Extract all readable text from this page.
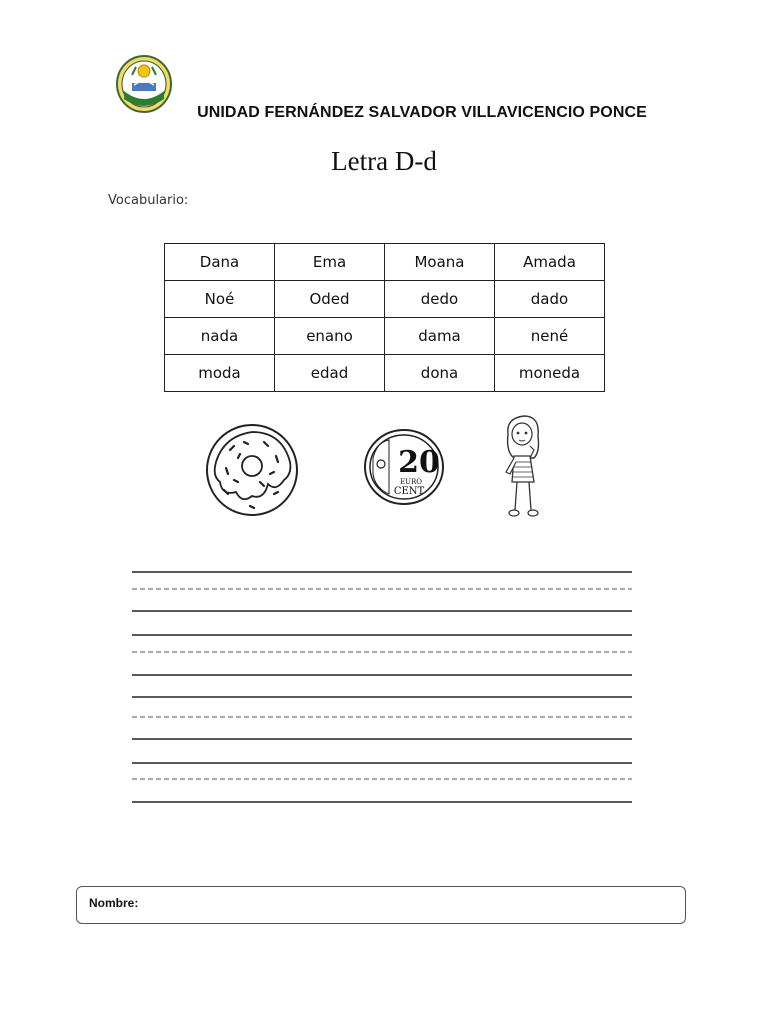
UNIDAD FERNÁNDEZ SALVADOR VILLAVICENCIO PONCE
Letra D-d
Vocabulario:
Dana	Ema	Moana	Amada
Noé	Oded	dedo	dado
nada	enano	dama	nené
moda	edad	dona	moneda
20
EURO
CENT
Nombre:
